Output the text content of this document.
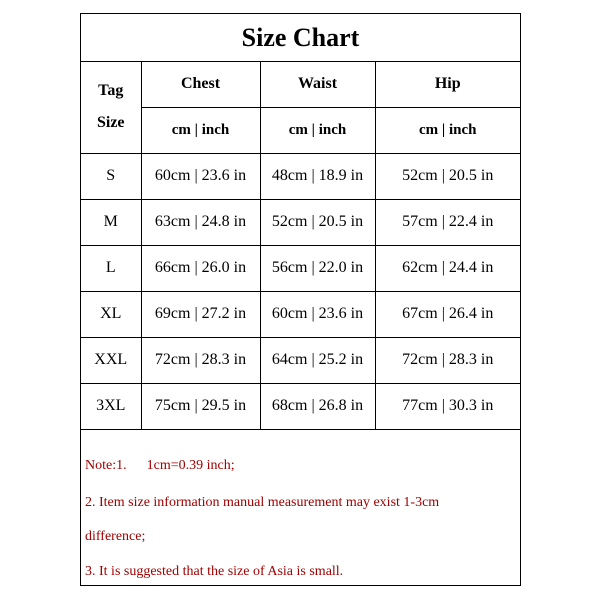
Size Chart
Tag
Size	Chest	Waist	Hip
	cm | inch	cm | inch	cm | inch
S	60cm | 23.6 in	48cm | 18.9 in	52cm | 20.5 in
M	63cm | 24.8 in	52cm | 20.5 in	57cm | 22.4 in
L	66cm | 26.0 in	56cm | 22.0 in	62cm | 24.4 in
XL	69cm | 27.2 in	60cm | 23.6 in	67cm | 26.4 in
XXL	72cm | 28.3 in	64cm | 25.2 in	72cm | 28.3 in
3XL	75cm | 29.5 in	68cm | 26.8 in	77cm | 30.3 in
Note:1. 1cm=0.39 inch;
2. Item size information manual measurement may exist 1-3cm
difference;
3. It is suggested that the size of Asia is small.
